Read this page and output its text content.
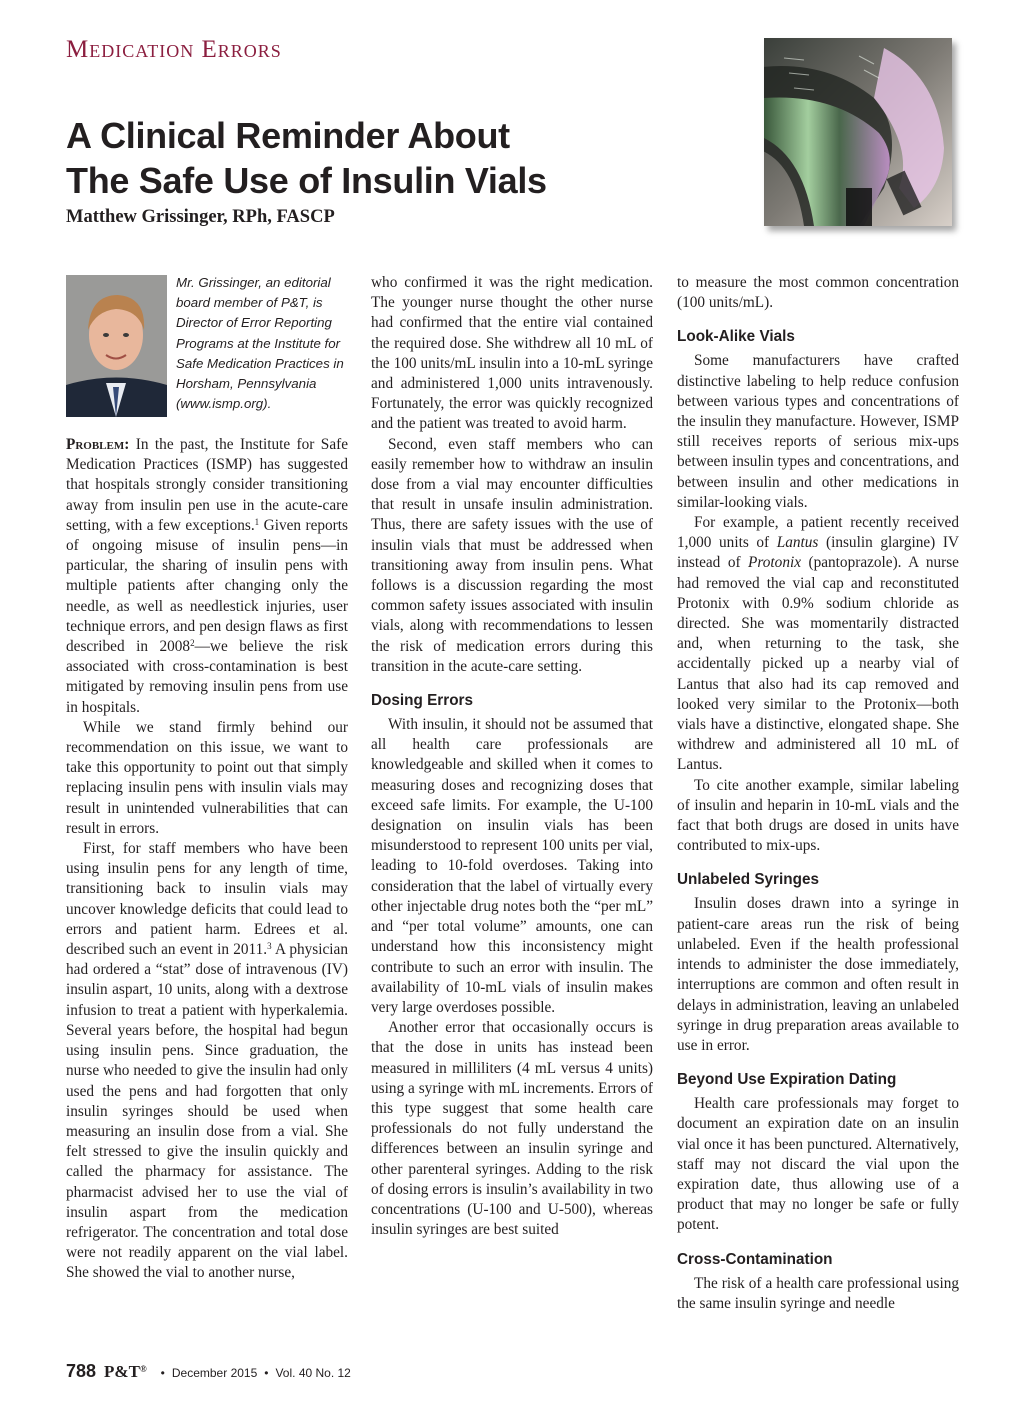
Medication Errors
A Clinical Reminder About
The Safe Use of Insulin Vials
Matthew Grissinger, RPh, FASCP
Mr. Grissinger, an editorial board member of P&T, is Director of Error Reporting Programs at the Institute for Safe Medication Practices in Horsham, Pennsylvania (www.ismp.org).

Problem: In the past, the Institute for Safe Medication Practices (ISMP) has suggested that hospitals strongly consider transitioning away from insulin pen use in the acute-care setting, with a few exceptions.$^1$ Given reports of ongoing misuse of insulin pens—in particular, the sharing of insulin pens with multiple patients after changing only the needle, as well as needlestick injuries, user technique errors, and pen design flaws as first described in 2008$^2$—we believe the risk associated with cross-contamination is best mitigated by removing insulin pens from use in hospitals.

While we stand firmly behind our recommendation on this issue, we want to take this opportunity to point out that simply replacing insulin pens with insulin vials may result in unintended vulnerabilities that can result in errors.

First, for staff members who have been using insulin pens for any length of time, transitioning back to insulin vials may uncover knowledge deficits that could lead to errors and patient harm. Edrees et al. described such an event in 2011.$^3$ A physician had ordered a “stat” dose of intravenous (IV) insulin aspart, 10 units, along with a dextrose infusion to treat a patient with hyperkalemia. Several years before, the hospital had begun using insulin pens. Since graduation, the nurse who needed to give the insulin had only used the pens and had forgotten that only insulin syringes should be used when measuring an insulin dose from a vial. She felt stressed to give the insulin quickly and called the pharmacy for assistance. The pharmacist advised her to use the vial of insulin aspart from the medication refrigerator. The concentration and total dose were not readily apparent on the vial label. She showed the vial to another nurse,

who confirmed it was the right medication. The younger nurse thought the other nurse had confirmed that the entire vial contained the required dose. She withdrew all 10 mL of the 100 units/mL insulin into a 10-mL syringe and administered 1,000 units intravenously. Fortunately, the error was quickly recognized and the patient was treated to avoid harm.

Second, even staff members who can easily remember how to withdraw an insulin dose from a vial may encounter difficulties that result in unsafe insulin administration. Thus, there are safety issues with the use of insulin vials that must be addressed when transitioning away from insulin pens. What follows is a discussion regarding the most common safety issues associated with insulin vials, along with recommendations to lessen the risk of medication errors during this transition in the acute-care setting.

Dosing Errors

With insulin, it should not be assumed that all health care professionals are knowledgeable and skilled when it comes to measuring doses and recognizing doses that exceed safe limits. For example, the U-100 designation on insulin vials has been misunderstood to represent 100 units per vial, leading to 10-fold overdoses. Taking into consideration that the label of virtually every other injectable drug notes both the “per mL” and “per total volume” amounts, one can understand how this inconsistency might contribute to such an error with insulin. The availability of 10-mL vials of insulin makes very large overdoses possible.

Another error that occasionally occurs is that the dose in units has instead been measured in milliliters (4 mL versus 4 units) using a syringe with mL increments. Errors of this type suggest that some health care professionals do not fully understand the differences between an insulin syringe and other parenteral syringes. Adding to the risk of dosing errors is insulin’s availability in two concentrations (U-100 and U-500), whereas insulin syringes are best suited

to measure the most common concentration (100 units/mL).

Look-Alike Vials

Some manufacturers have crafted distinctive labeling to help reduce confusion between various types and concentrations of the insulin they manufacture. However, ISMP still receives reports of serious mix-ups between insulin types and concentrations, and between insulin and other medications in similar-looking vials.

For example, a patient recently received 1,000 units of Lantus (insulin glargine) IV instead of Protonix (pantoprazole). A nurse had removed the vial cap and reconstituted Protonix with 0.9% sodium chloride as directed. She was momentarily distracted and, when returning to the task, she accidentally picked up a nearby vial of Lantus that also had its cap removed and looked very similar to the Protonix—both vials have a distinctive, elongated shape. She withdrew and administered all 10 mL of Lantus.

To cite another example, similar labeling of insulin and heparin in 10-mL vials and the fact that both drugs are dosed in units have contributed to mix-ups.

Unlabeled Syringes

Insulin doses drawn into a syringe in patient-care areas run the risk of being unlabeled. Even if the health professional intends to administer the dose immediately, interruptions are common and often result in delays in administration, leaving an unlabeled syringe in drug preparation areas available to use in error.

Beyond Use Expiration Dating

Health care professionals may forget to document an expiration date on an insulin vial once it has been punctured. Alternatively, staff may not discard the vial upon the expiration date, thus allowing use of a product that may no longer be safe or fully potent.

Cross-Contamination

The risk of a health care professional using the same insulin syringe and needle

788 P&T® • December 2015 • Vol. 40 No. 12
